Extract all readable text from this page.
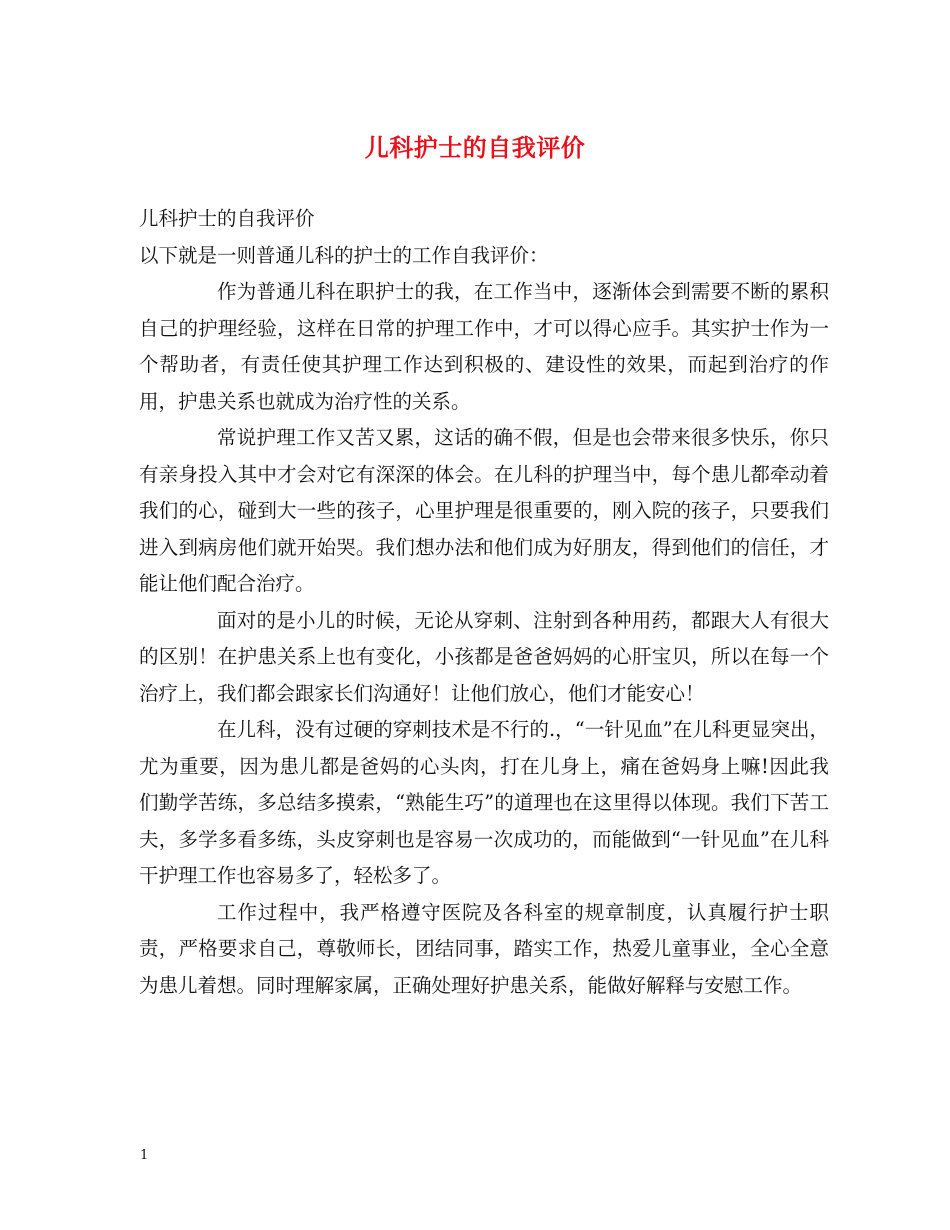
儿科护士的自我评价

儿科护士的自我评价

以下就是一则普通儿科的护士的工作自我评价：

作为普通儿科在职护士的我，在工作当中，逐渐体会到需要不断的累积自己的护理经验，这样在日常的护理工作中，才可以得心应手。其实护士作为一个帮助者，有责任使其护理工作达到积极的、建设性的效果，而起到治疗的作用，护患关系也就成为治疗性的关系。

常说护理工作又苦又累，这话的确不假，但是也会带来很多快乐，你只有亲身投入其中才会对它有深深的体会。在儿科的护理当中，每个患儿都牵动着我们的心，碰到大一些的孩子，心里护理是很重要的，刚入院的孩子，只要我们进入到病房他们就开始哭。我们想办法和他们成为好朋友，得到他们的信任，才能让他们配合治疗。

面对的是小儿的时候，无论从穿刺、注射到各种用药，都跟大人有很大的区别！在护患关系上也有变化，小孩都是爸爸妈妈的心肝宝贝，所以在每一个治疗上，我们都会跟家长们沟通好！让他们放心，他们才能安心！

在儿科，没有过硬的穿刺技术是不行的.，“一针见血”在儿科更显突出，尤为重要，因为患儿都是爸妈的心头肉，打在儿身上，痛在爸妈身上嘛!因此我们勤学苦练，多总结多摸索，“熟能生巧”的道理也在这里得以体现。我们下苦工夫，多学多看多练，头皮穿刺也是容易一次成功的，而能做到“一针见血”在儿科干护理工作也容易多了，轻松多了。

工作过程中，我严格遵守医院及各科室的规章制度，认真履行护士职责，严格要求自己，尊敬师长，团结同事，踏实工作，热爱儿童事业，全心全意为患儿着想。同时理解家属，正确处理好护患关系，能做好解释与安慰工作。

1
